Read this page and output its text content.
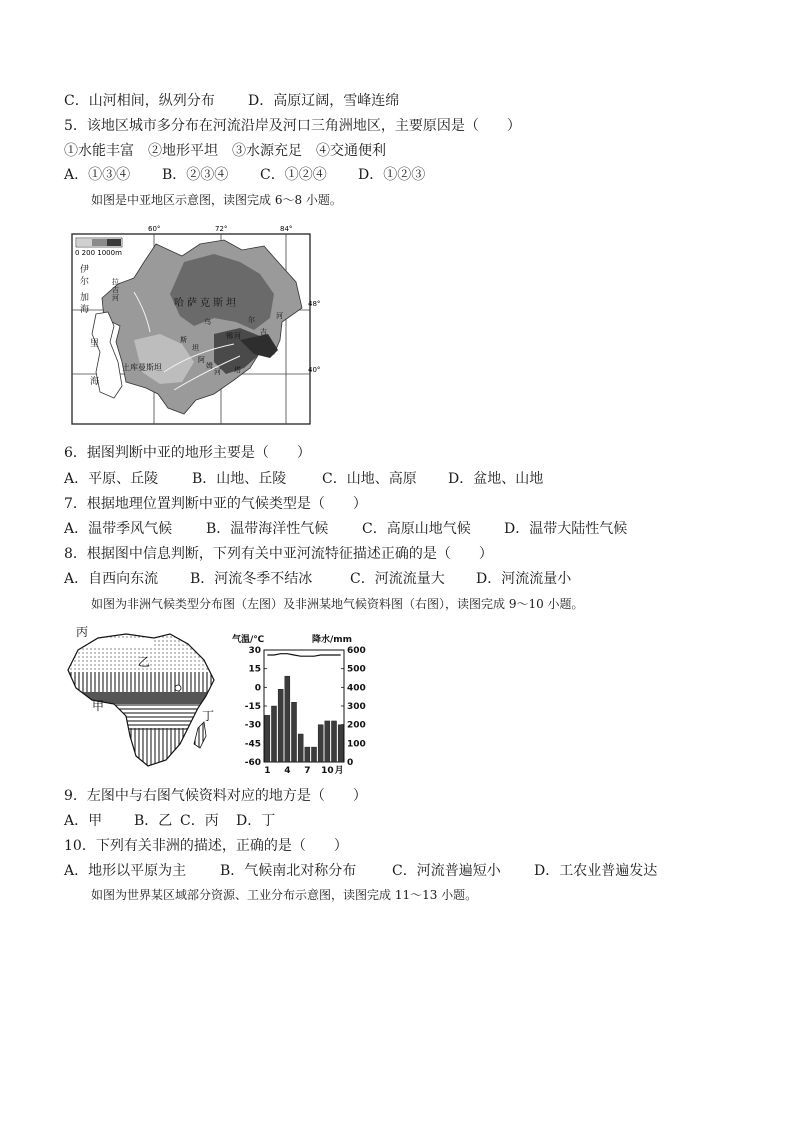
C．山河相间，纵列分布 D．高原辽阔，雪峰连绵
5．该地区城市多分布在河流沿岸及河口三角洲地区，主要原因是（　　）
①水能丰富　②地形平坦　③水源充足　④交通便利
A．①③④ B．②③④ C．①②④ D．①②③
如图是中亚地区示意图，读图完成 6～8 小题。
0 200 1000m
60°	72°	84°
48°
40°
伊
尔
加
海
里
海
哈萨克斯坦
拉
吉
河
乌	尔	河
斯
坦
吉
土库曼斯坦
锡 河
阿
姆
河 塔
6．据图判断中亚的地形主要是（　　）
A．平原、丘陵 B．山地、丘陵	C．山地、高原 D．盆地、山地
7．根据地理位置判断中亚的气候类型是（　　）
A．温带季风气候 B．温带海洋性气候 C．高原山地气候 D．温带大陆性气候
8．根据图中信息判断，下列有关中亚河流特征描述正确的是（　　）
A．自西向东流 B．河流冬季不结冰	C．河流流量大 D．河流流量小
如图为非洲气候类型分布图（左图）及非洲某地气候资料图（右图），读图完成 9～10 小题。
丙
乙
甲
丁
气温/℃	降水/mm
30
15
0
-15
-30
-45
-60
600
500
400
300
200
100
0
1 4 7 10 月
9．左图中与右图气候资料对应的地方是（　　）
A．甲 B．乙 C．丙 D．丁
10．下列有关非洲的描述，正确的是（　　）
A．地形以平原为主 B．气候南北对称分布	C．河流普遍短小 D．工农业普遍发达
如图为世界某区域部分资源、工业分布示意图，读图完成 11～13 小题。
